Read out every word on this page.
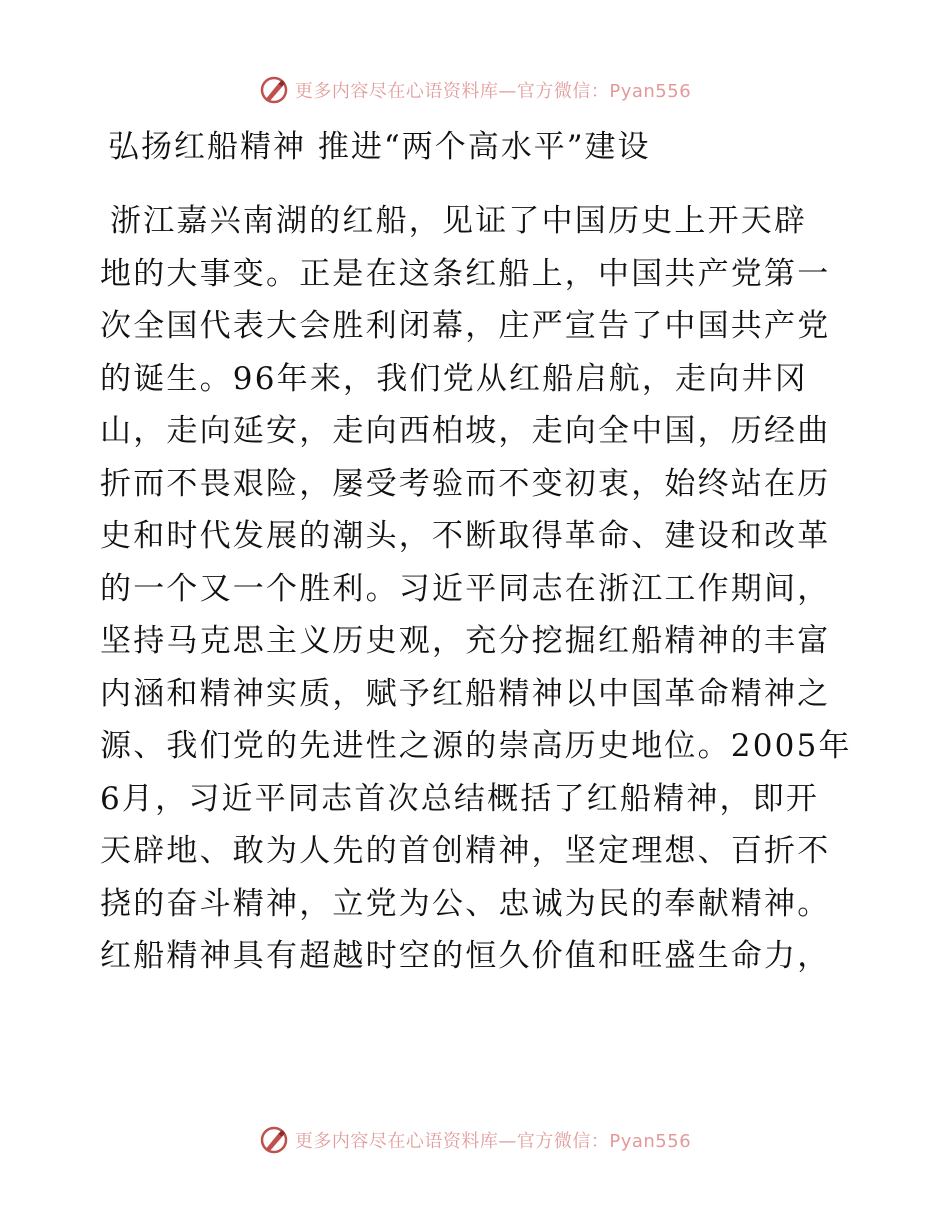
更多内容尽在心语资料库—官方微信：Pyan556
弘扬红船精神 推进“两个高水平”建设
浙江嘉兴南湖的红船，见证了中国历史上开天辟
地的大事变。正是在这条红船上，中国共产党第一
次全国代表大会胜利闭幕，庄严宣告了中国共产党
的诞生。96年来，我们党从红船启航，走向井冈
山，走向延安，走向西柏坡，走向全中国，历经曲
折而不畏艰险，屡受考验而不变初衷，始终站在历
史和时代发展的潮头，不断取得革命、建设和改革
的一个又一个胜利。习近平同志在浙江工作期间，
坚持马克思主义历史观，充分挖掘红船精神的丰富
内涵和精神实质，赋予红船精神以中国革命精神之
源、我们党的先进性之源的崇高历史地位。2005年
6月，习近平同志首次总结概括了红船精神，即开
天辟地、敢为人先的首创精神，坚定理想、百折不
挠的奋斗精神，立党为公、忠诚为民的奉献精神。
红船精神具有超越时空的恒久价值和旺盛生命力，
更多内容尽在心语资料库—官方微信：Pyan556
